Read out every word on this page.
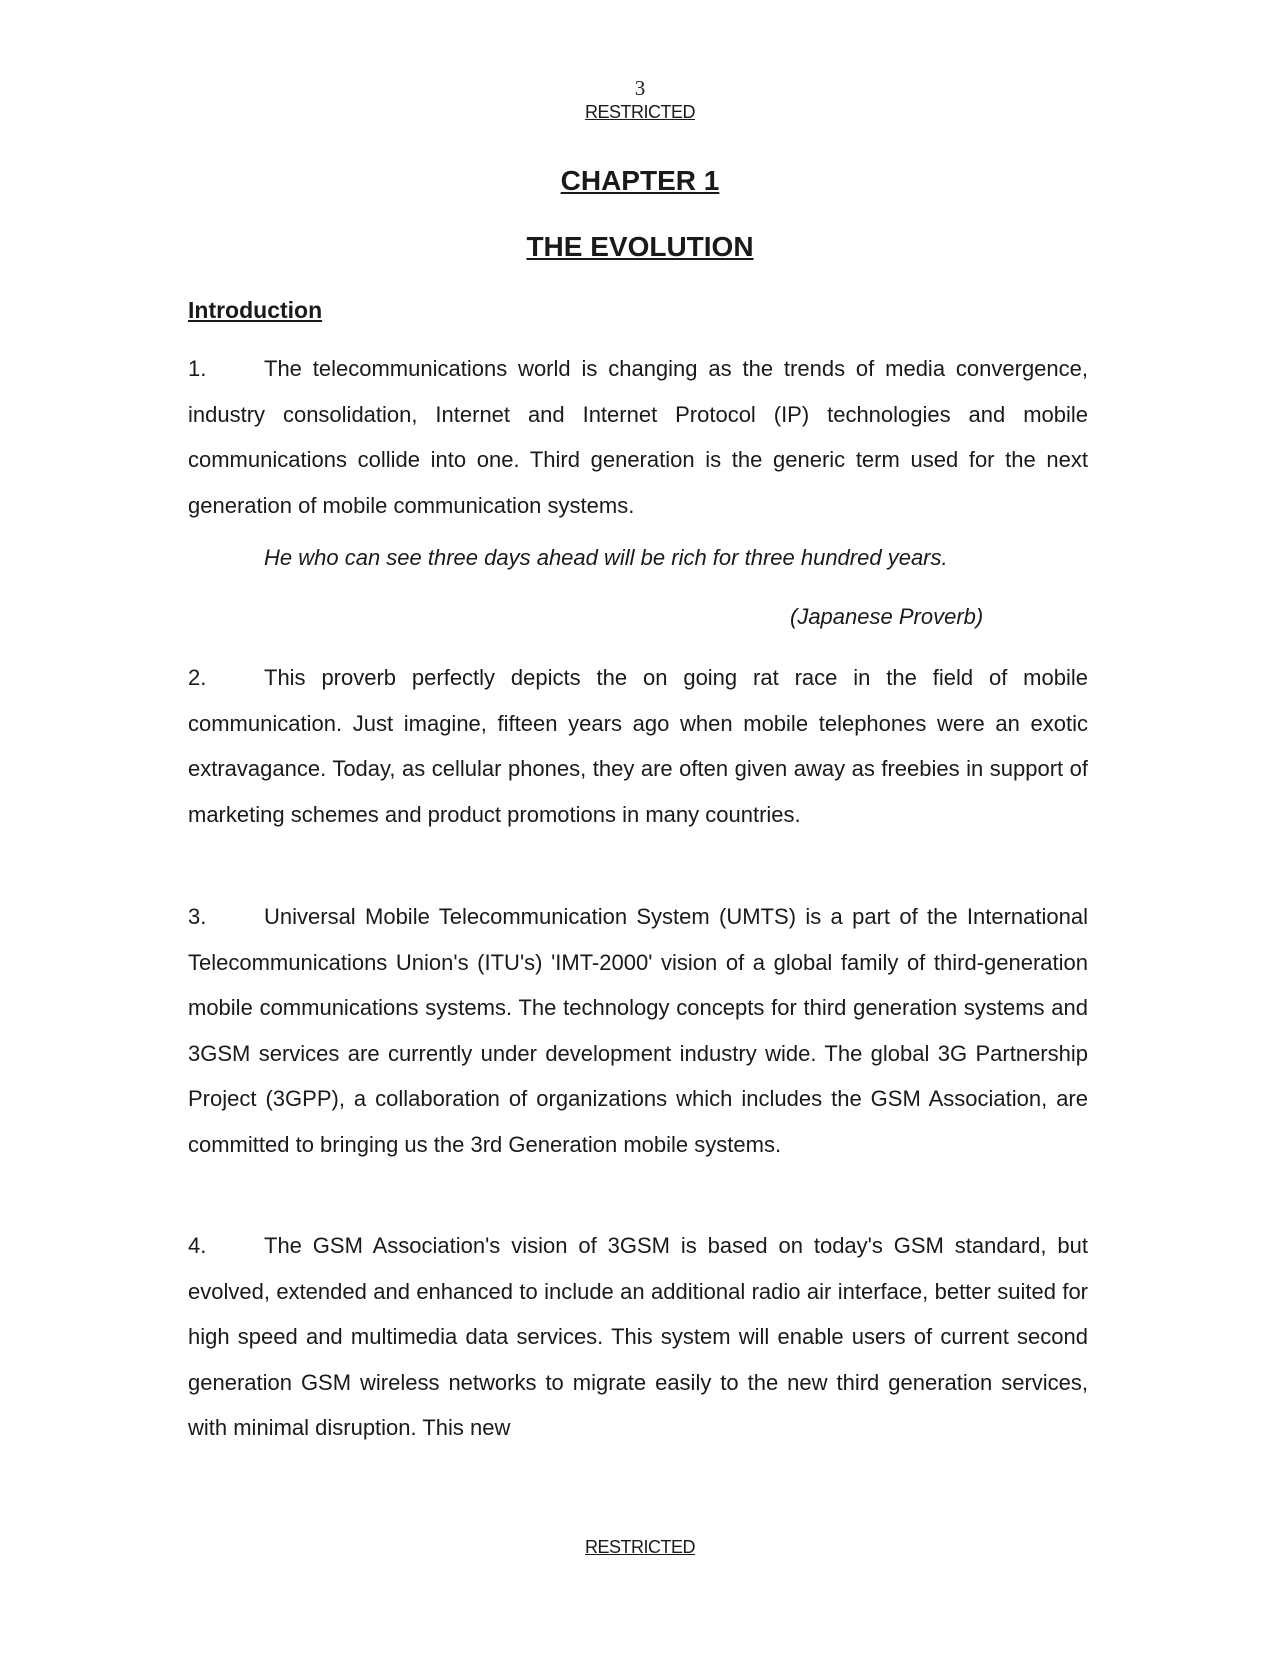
3
RESTRICTED
CHAPTER 1
THE EVOLUTION
Introduction

1.	The telecommunications world is changing as the trends of media convergence, industry consolidation, Internet and Internet Protocol (IP) technologies and mobile communications collide into one. Third generation is the generic term used for the next generation of mobile communication systems.

He who can see three days ahead will be rich for three hundred years.
(Japanese Proverb)

2.	This proverb perfectly depicts the on going rat race in the field of mobile communication. Just imagine, fifteen years ago when mobile telephones were an exotic extravagance. Today, as cellular phones, they are often given away as freebies in support of marketing schemes and product promotions in many countries.

3.	Universal Mobile Telecommunication System (UMTS) is a part of the International Telecommunications Union's (ITU's) 'IMT-2000' vision of a global family of third-generation mobile communications systems. The technology concepts for third generation systems and 3GSM services are currently under development industry wide. The global 3G Partnership Project (3GPP), a collaboration of organizations which includes the GSM Association, are committed to bringing us the 3rd Generation mobile systems.

4.	The GSM Association's vision of 3GSM is based on today's GSM standard, but evolved, extended and enhanced to include an additional radio air interface, better suited for high speed and multimedia data services. This system will enable users of current second generation GSM wireless networks to migrate easily to the new third generation services, with minimal disruption. This new

RESTRICTED
